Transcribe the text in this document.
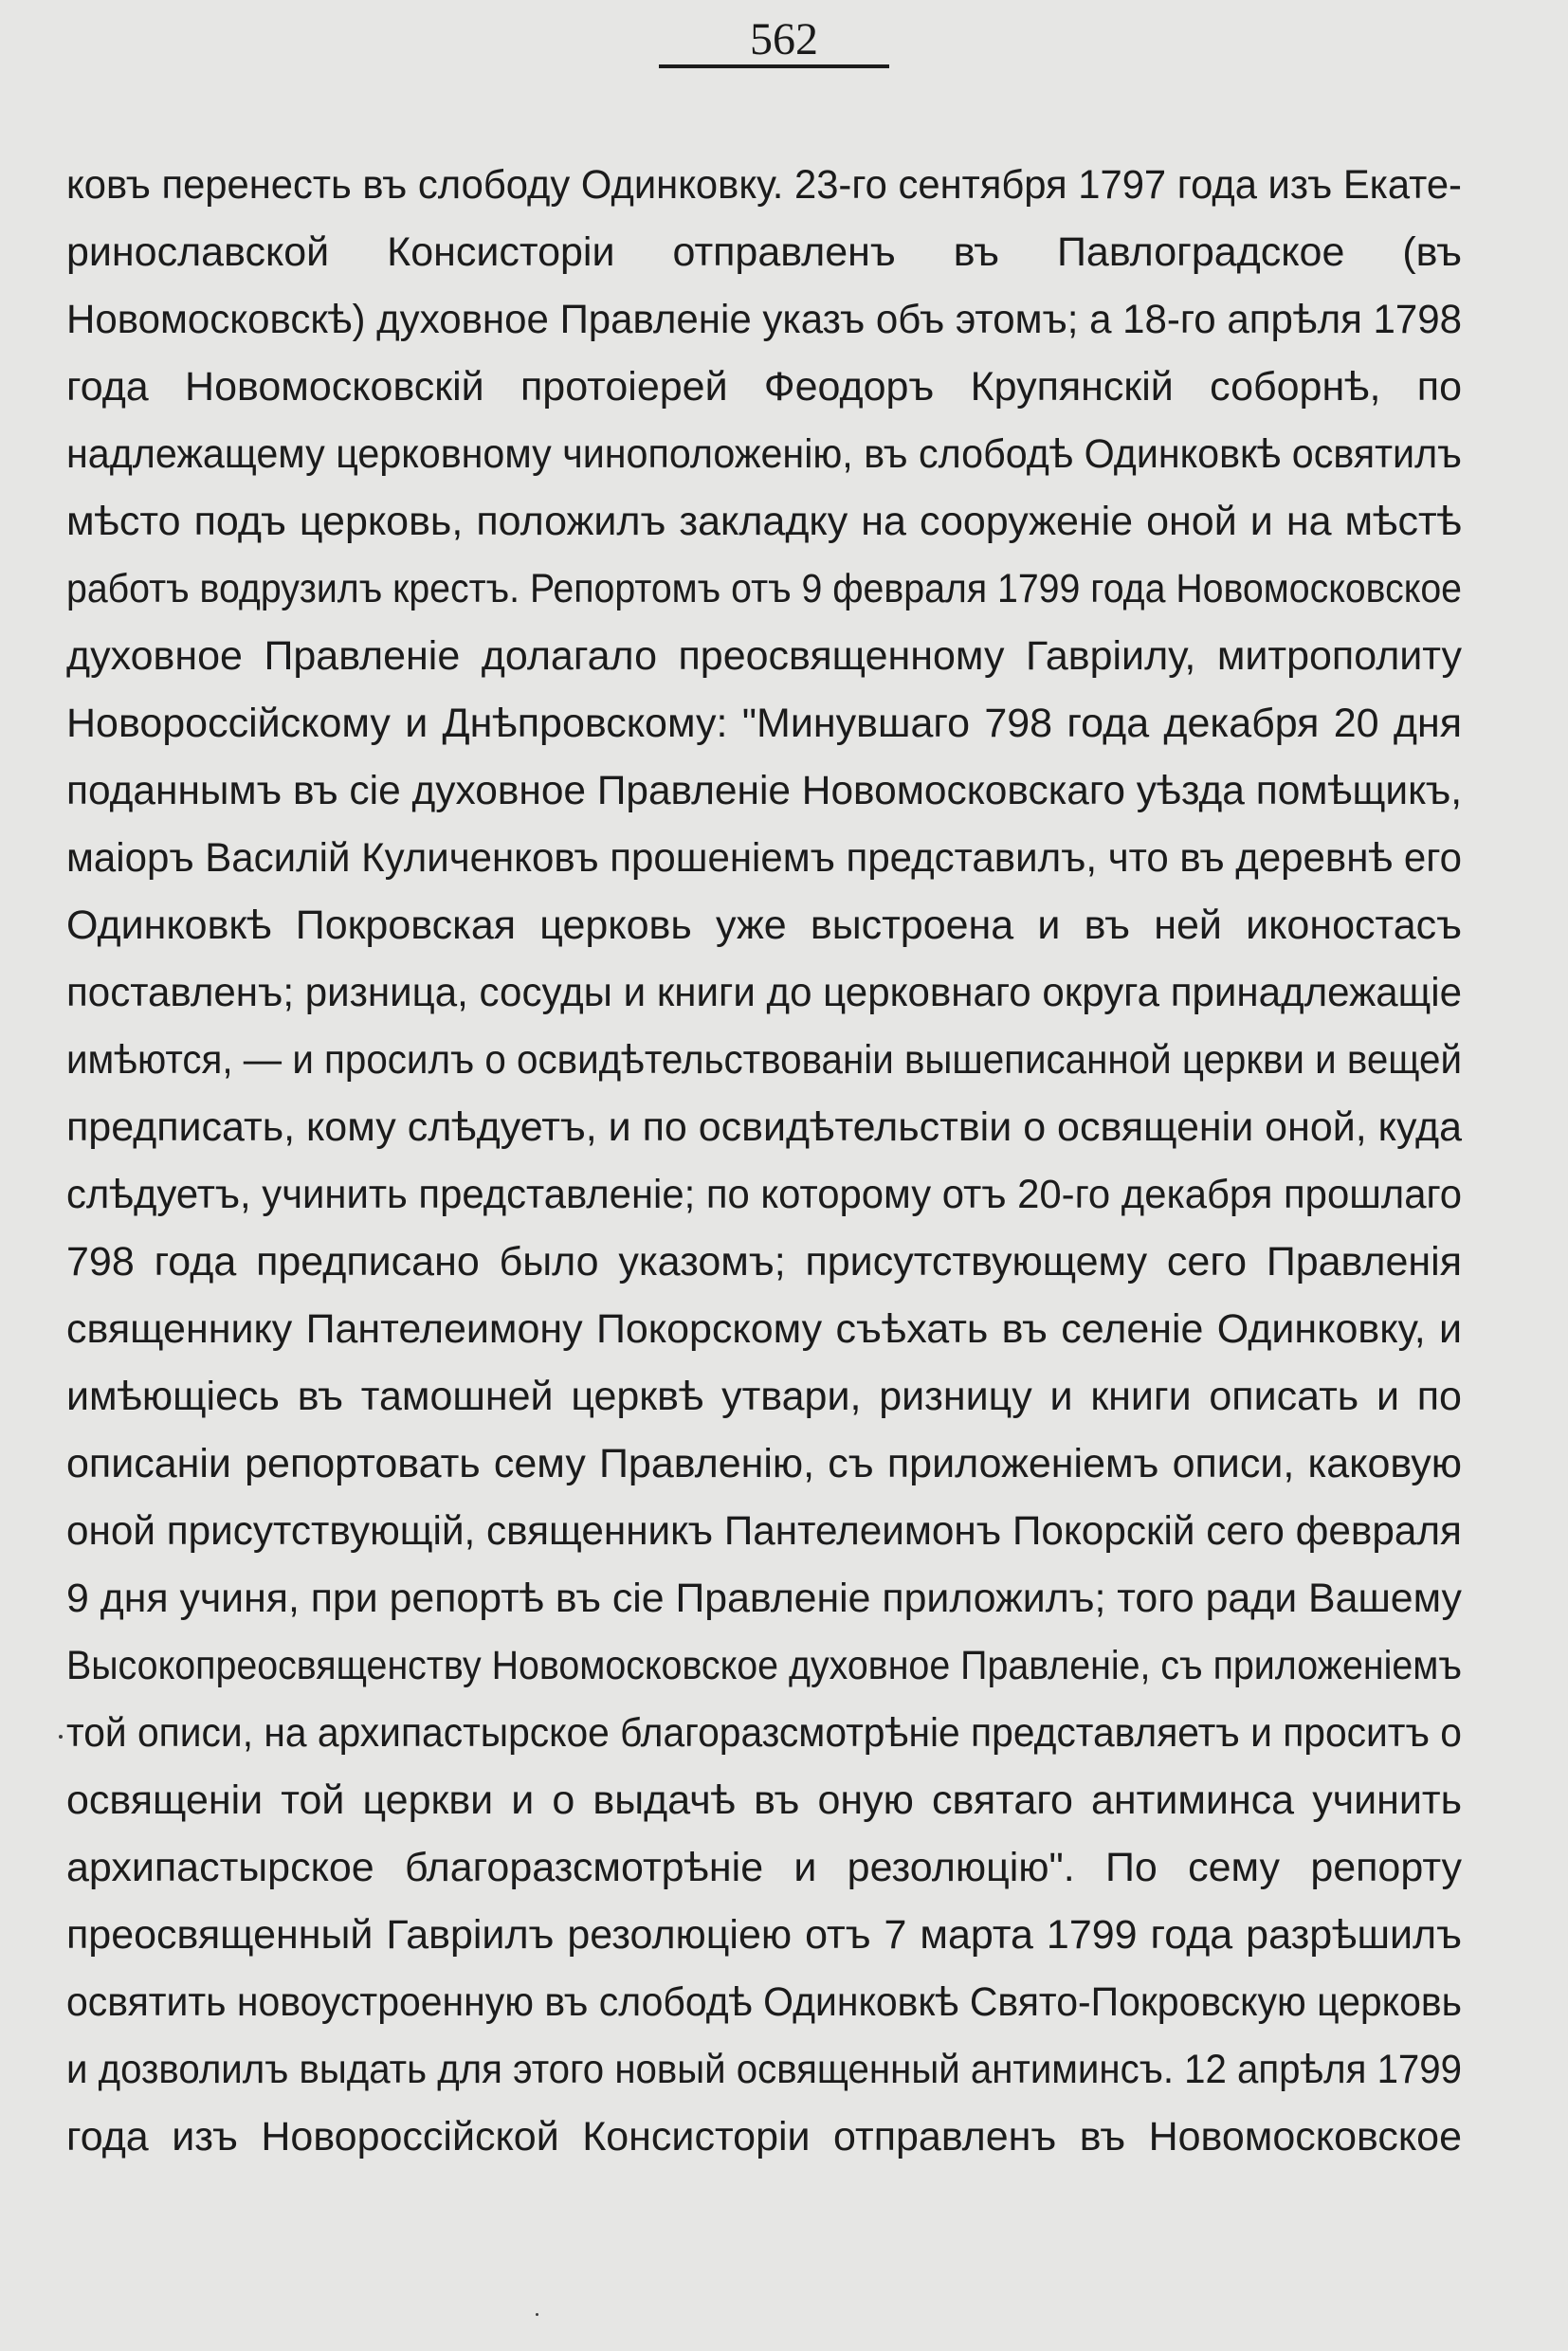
562
ковъ перенесть въ слободу Одинковку. 23-го сентября 1797 года изъ Екате-
ринославской Консисторіи отправленъ въ Павлоградское (въ
Новомосковскѣ) духовное Правленіе указъ объ этомъ; а 18-го апрѣля 1798
года Новомосковскій протоіерей Феодоръ Крупянскій соборнѣ, по
надлежащему церковному чиноположенію, въ слободѣ Одинковкѣ освятилъ
мѣсто подъ церковь, положилъ закладку на сооруженіе оной и на мѣстѣ
работъ водрузилъ крестъ. Репортомъ отъ 9 февраля 1799 года Новомосковское
духовное Правленіе долагало преосвященному Гавріилу, митрополиту
Новороссійскому и Днѣпровскому: "Минувшаго 798 года декабря 20 дня
поданнымъ въ сіе духовное Правленіе Новомосковскаго уѣзда помѣщикъ,
маіоръ Василій Куличенковъ прошеніемъ представилъ, что въ деревнѣ его
Одинковкѣ Покровская церковь уже выстроена и въ ней иконостасъ
поставленъ; ризница, сосуды и книги до церковнаго округа принадлежащіе
имѣются, — и просилъ о освидѣтельствованіи вышеписанной церкви и вещей
предписать, кому слѣдуетъ, и по освидѣтельствіи о освященіи оной, куда
слѣдуетъ, учинить представленіе; по которому отъ 20-го декабря прошлаго
798 года предписано было указомъ; присутствующему сего Правленія
священнику Пантелеимону Покорскому съѣхать въ селеніе Одинковку, и
имѣющіесь въ тамошней церквѣ утвари, ризницу и книги описать и по
описаніи репортовать сему Правленію, съ приложеніемъ описи, каковую
оной присутствующій, священникъ Пантелеимонъ Покорскій сего февраля
9 дня учиня, при репортѣ въ сіе Правленіе приложилъ; того ради Вашему
Высокопреосвященству Новомосковское духовное Правленіе, съ приложеніемъ
той описи, на архипастырское благоразсмотрѣніе представляетъ и проситъ о
освященіи той церкви и о выдачѣ въ оную святаго антиминса учинить
архипастырское благоразсмотрѣніе и резолюцію". По сему репорту
преосвященный Гавріилъ резолюціею отъ 7 марта 1799 года разрѣшилъ
освятить новоустроенную въ слободѣ Одинковкѣ Свято-Покровскую церковь
и дозволилъ выдать для этого новый освященный антиминсъ. 12 апрѣля 1799
года изъ Новороссійской Консисторіи отправленъ въ Новомосковское
